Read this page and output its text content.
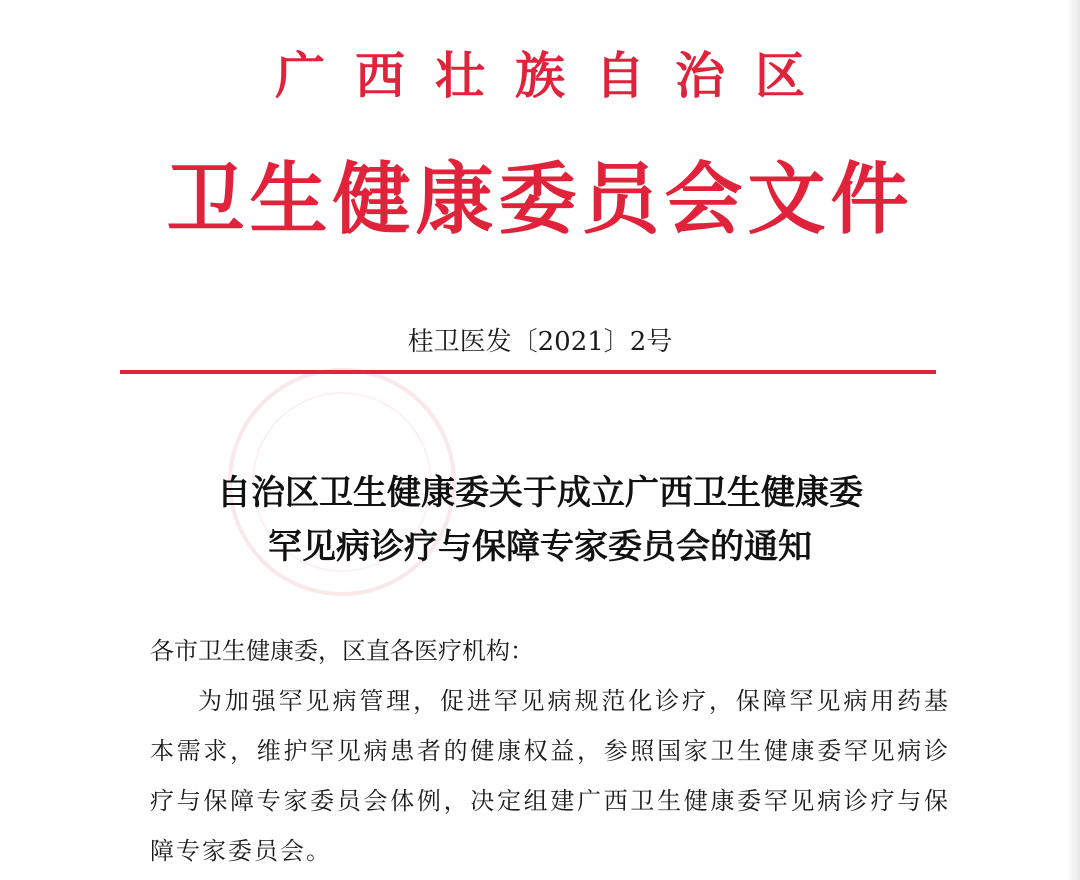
广西壮族自治区
卫生健康委员会文件
桂卫医发〔2021〕2号
自治区卫生健康委关于成立广西卫生健康委
罕见病诊疗与保障专家委员会的通知

各市卫生健康委，区直各医疗机构：

为加强罕见病管理，促进罕见病规范化诊疗，保障罕见病用药基本需求，维护罕见病患者的健康权益，参照国家卫生健康委罕见病诊疗与保障专家委员会体例，决定组建广西卫生健康委罕见病诊疗与保障专家委员会。
